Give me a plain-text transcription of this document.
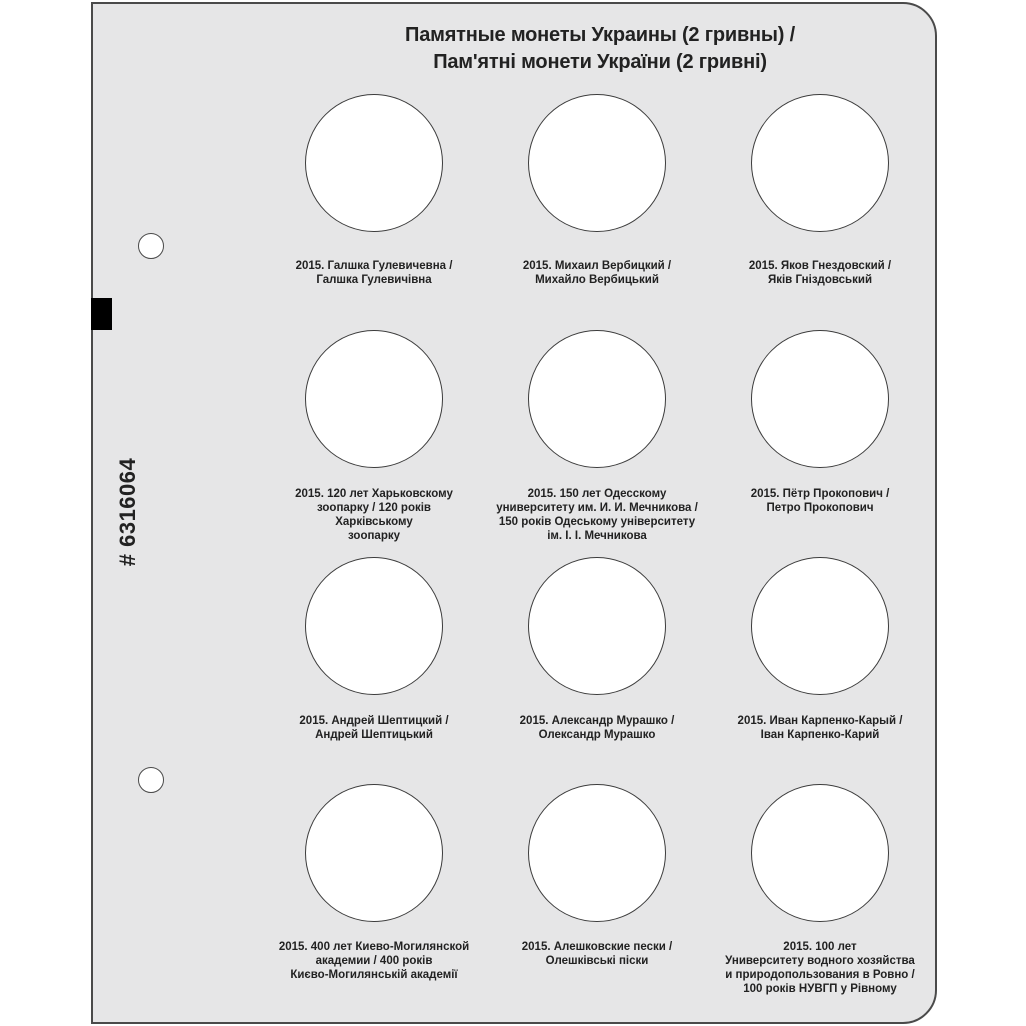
# 6316064
Памятные монеты Украины (2 гривны) /
Пам'ятні монети України (2 гривні)
2015. Галшка Гулевичевна /
Галшка Гулевичівна
2015. Михаил Вербицкий /
Михайло Вербицький
2015. Яков Гнездовский /
Яків Гніздовський
2015. 120 лет Харьковскому
зоопарку / 120 років
Харківському
зоопарку
2015. 150 лет Одесскому
университету им. И. И. Мечникова /
150 років Одеському університету
ім. І. І. Мечникова
2015. Пётр Прокопович /
Петро Прокопович
2015. Андрей Шептицкий /
Андрей Шептицький
2015. Александр Мурашко /
Олександр Мурашко
2015. Иван Карпенко-Карый /
Іван Карпенко-Карий
2015. 400 лет Киево-Могилянской
академии / 400 років
Києво-Могилянській академії
2015. Алешковские пески /
Олешківські піски
2015. 100 лет
Университету водного хозяйства
и природопользования в Ровно /
100 років НУВГП у Рівному
